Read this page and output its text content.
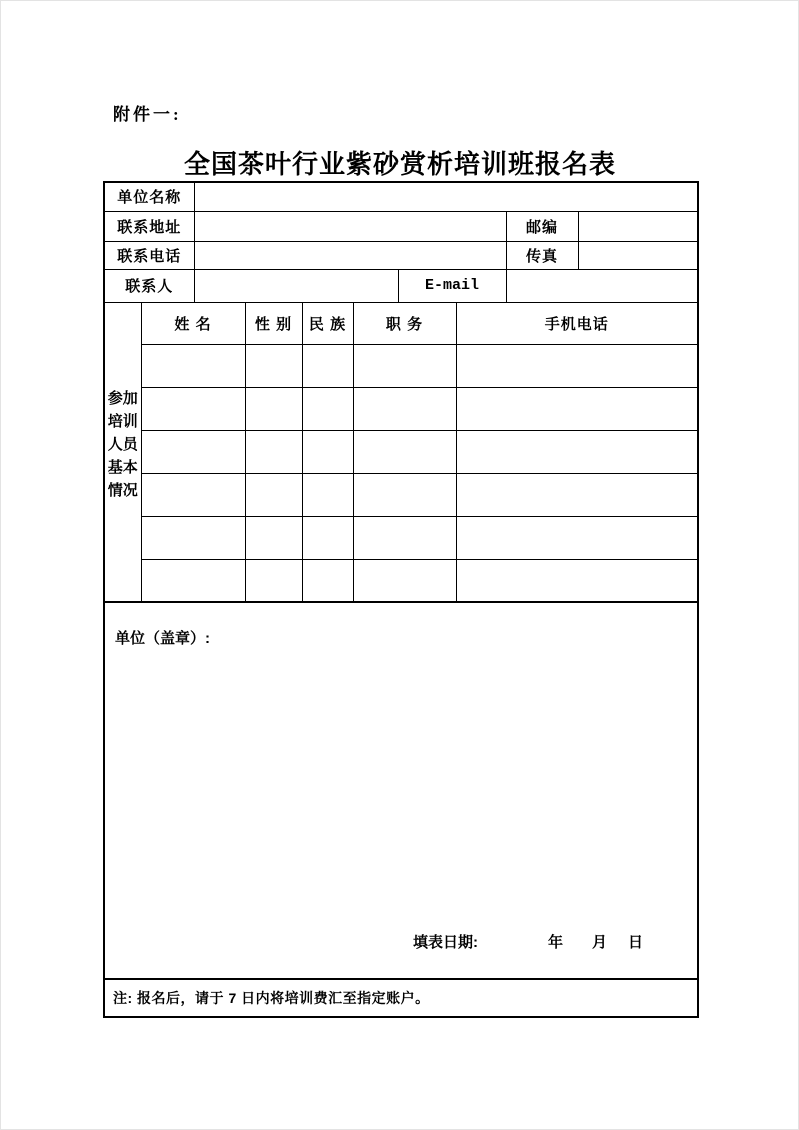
附件一:
全国茶叶行业紫砂赏析培训班报名表
单位名称									
联系地址								邮编	
联系电话								传真	
联系人						E-mail			
参加
培训
人员
基本
情况	姓 名		性 别	民 族	职 务		手机电话		

单位（盖章）:
填表日期: 年 月 日									

注: 报名后，请于 7 日内将培训费汇至指定账户。									
